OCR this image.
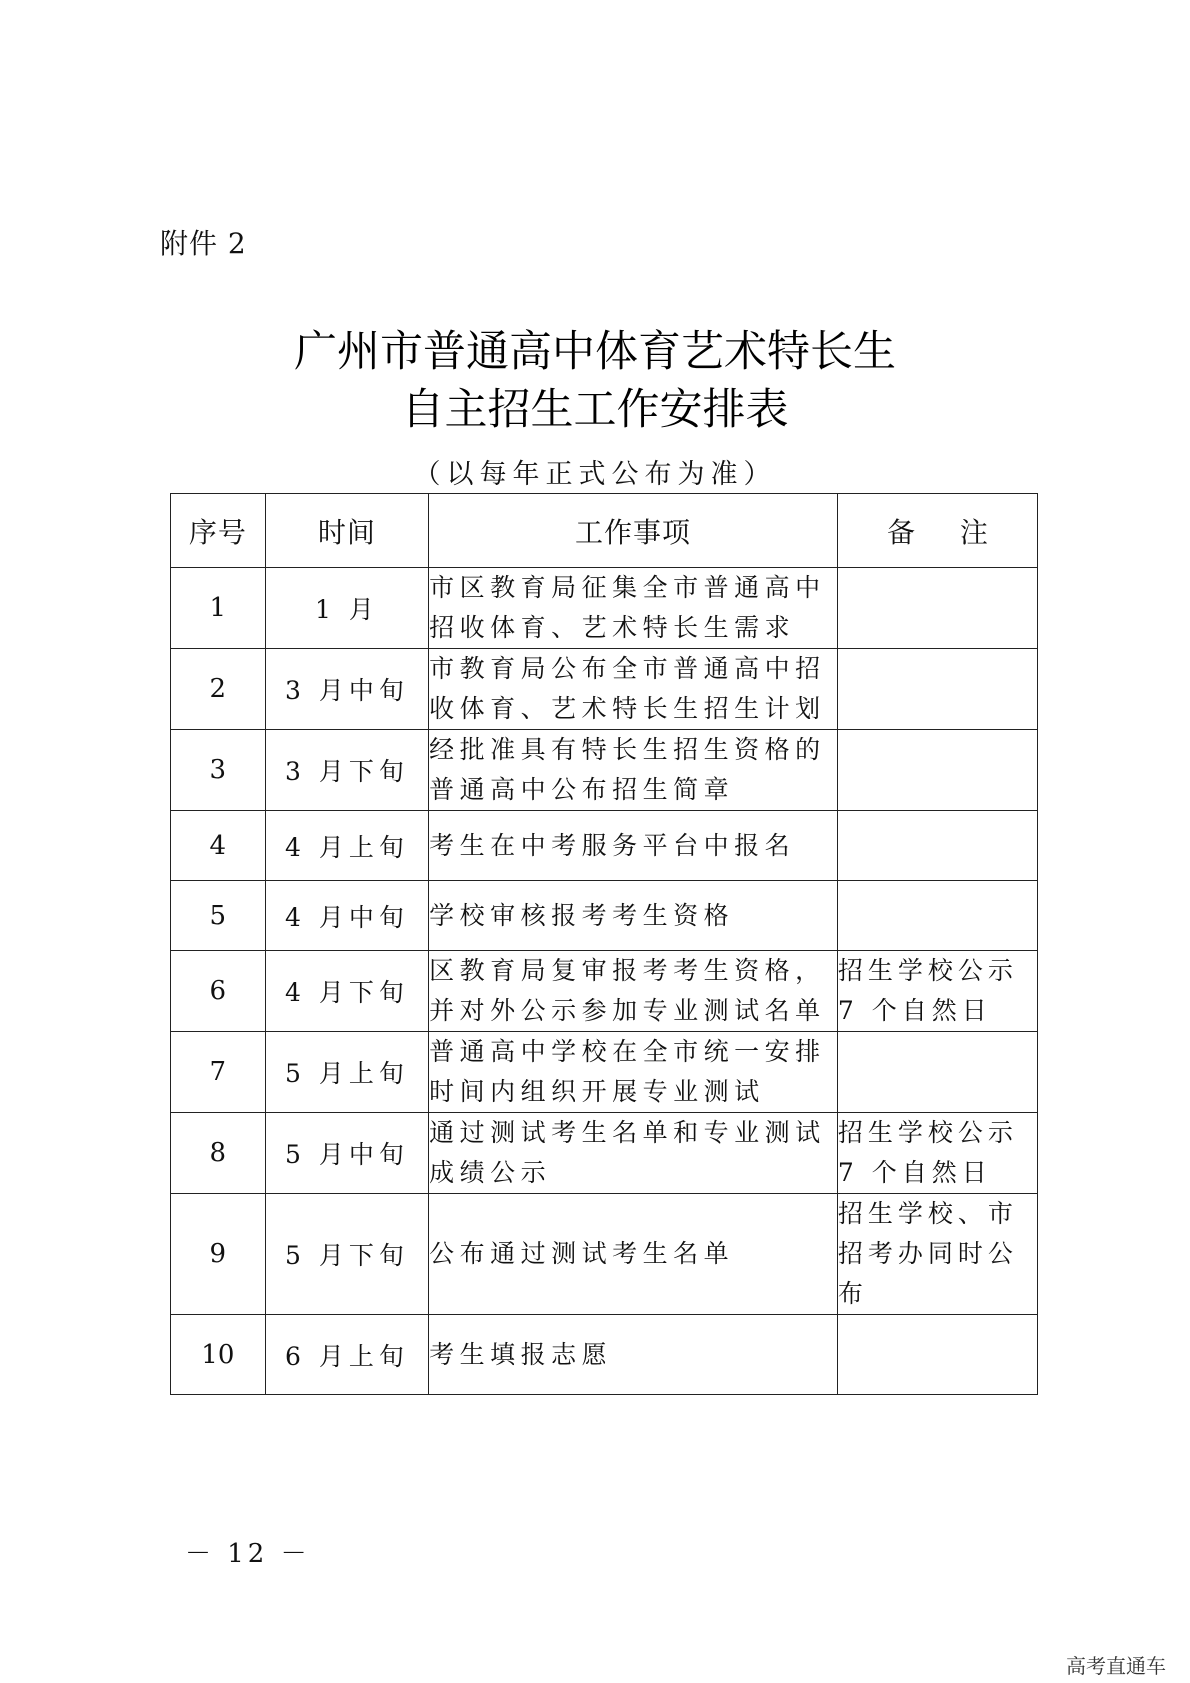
附件 2
广州市普通高中体育艺术特长生
自主招生工作安排表
（以每年正式公布为准）
序号	时间	工作事项	备 注
1	1 月	市区教育局征集全市普通高中招收体育、艺术特长生需求	
2	3 月中旬	市教育局公布全市普通高中招收体育、艺术特长生招生计划	
3	3 月下旬	经批准具有特长生招生资格的普通高中公布招生简章	
4	4 月上旬	考生在中考服务平台中报名	
5	4 月中旬	学校审核报考考生资格	
6	4 月下旬	区教育局复审报考考生资格，并对外公示参加专业测试名单	招生学校公示7 个自然日
7	5 月上旬	普通高中学校在全市统一安排时间内组织开展专业测试	
8	5 月中旬	通过测试考生名单和专业测试成绩公示	招生学校公示7 个自然日
9	5 月下旬	公布通过测试考生名单	招生学校、市招考办同时公布
10	6 月上旬	考生填报志愿	
－ 12 －
高考直通车
